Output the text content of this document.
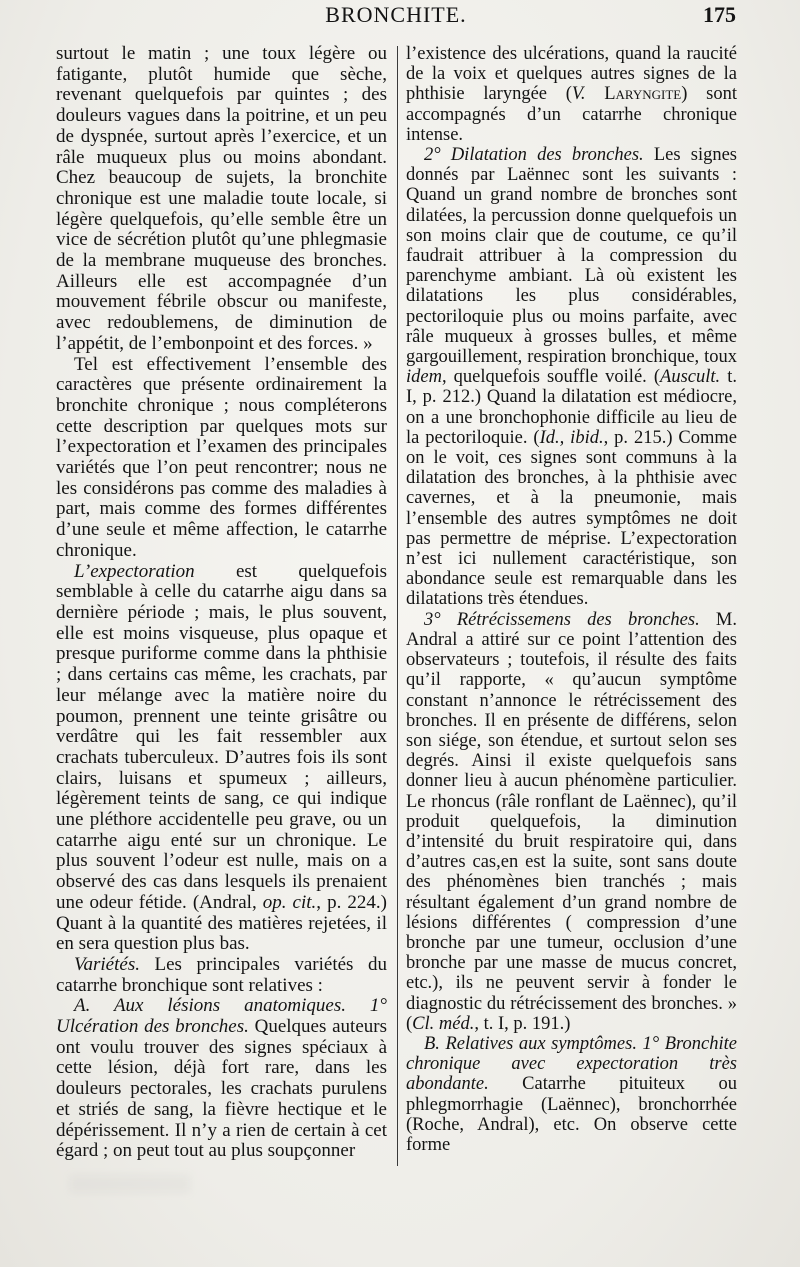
BRONCHITE.	175

surtout le matin ; une toux légère ou fatigante, plutôt humide que sèche, revenant quelquefois par quintes ; des douleurs vagues dans la poitrine, et un peu de dyspnée, surtout après l’exercice, et un râle muqueux plus ou moins abondant. Chez beaucoup de sujets, la bronchite chronique est une maladie toute locale, si légère quelquefois, qu’elle semble être un vice de sécrétion plutôt qu’une phlegmasie de la membrane muqueuse des bronches. Ailleurs elle est accompagnée d’un mouvement fébrile obscur ou manifeste, avec redoublemens, de diminution de l’appétit, de l’embonpoint et des forces. »

Tel est effectivement l’ensemble des caractères que présente ordinairement la bronchite chronique ; nous compléterons cette description par quelques mots sur l’expectoration et l’examen des principales variétés que l’on peut rencontrer; nous ne les considérons pas comme des maladies à part, mais comme des formes différentes d’une seule et même affection, le catarrhe chronique.

L’expectoration est quelquefois semblable à celle du catarrhe aigu dans sa dernière période ; mais, le plus souvent, elle est moins visqueuse, plus opaque et presque puriforme comme dans la phthisie ; dans certains cas même, les crachats, par leur mélange avec la matière noire du poumon, prennent une teinte grisâtre ou verdâtre qui les fait ressembler aux crachats tuberculeux. D’autres fois ils sont clairs, luisans et spumeux ; ailleurs, légèrement teints de sang, ce qui indique une pléthore accidentelle peu grave, ou un catarrhe aigu enté sur un chronique. Le plus souvent l’odeur est nulle, mais on a observé des cas dans lesquels ils prenaient une odeur fétide. (Andral, op. cit., p. 224.) Quant à la quantité des matières rejetées, il en sera question plus bas.

Variétés. Les principales variétés du catarrhe bronchique sont relatives :

A. Aux lésions anatomiques. 1° Ulcération des bronches. Quelques auteurs ont voulu trouver des signes spéciaux à cette lésion, déjà fort rare, dans les douleurs pectorales, les crachats purulens et striés de sang, la fièvre hectique et le dépérissement. Il n’y a rien de certain à cet égard ; on peut tout au plus soupçonner

l’existence des ulcérations, quand la raucité de la voix et quelques autres signes de la phthisie laryngée (V. Laryngite) sont accompagnés d’un catarrhe chronique intense.

2° Dilatation des bronches. Les signes donnés par Laënnec sont les suivants : Quand un grand nombre de bronches sont dilatées, la percussion donne quelquefois un son moins clair que de coutume, ce qu’il faudrait attribuer à la compression du parenchyme ambiant. Là où existent les dilatations les plus considérables, pectoriloquie plus ou moins parfaite, avec râle muqueux à grosses bulles, et même gargouillement, respiration bronchique, toux idem, quelquefois souffle voilé. (Auscult. t. I, p. 212.) Quand la dilatation est médiocre, on a une bronchophonie difficile au lieu de la pectoriloquie. (Id., ibid., p. 215.) Comme on le voit, ces signes sont communs à la dilatation des bronches, à la phthisie avec cavernes, et à la pneumonie, mais l’ensemble des autres symptômes ne doit pas permettre de méprise. L’expectoration n’est ici nullement caractéristique, son abondance seule est remarquable dans les dilatations très étendues.

3° Rétrécissemens des bronches. M. Andral a attiré sur ce point l’attention des observateurs ; toutefois, il résulte des faits qu’il rapporte, « qu’aucun symptôme constant n’annonce le rétrécissement des bronches. Il en présente de différens, selon son siége, son étendue, et surtout selon ses degrés. Ainsi il existe quelquefois sans donner lieu à aucun phénomène particulier. Le rhoncus (râle ronflant de Laënnec), qu’il produit quelquefois, la diminution d’intensité du bruit respiratoire qui, dans d’autres cas,en est la suite, sont sans doute des phénomènes bien tranchés ; mais résultant également d’un grand nombre de lésions différentes ( compression d’une bronche par une tumeur, occlusion d’une bronche par une masse de mucus concret, etc.), ils ne peuvent servir à fonder le diagnostic du rétrécissement des bronches. » (Cl. méd., t. I, p. 191.)

B. Relatives aux symptômes. 1° Bronchite chronique avec expectoration très abondante. Catarrhe pituiteux ou phlegmorrhagie (Laënnec), bronchorrhée (Roche, Andral), etc. On observe cette forme
